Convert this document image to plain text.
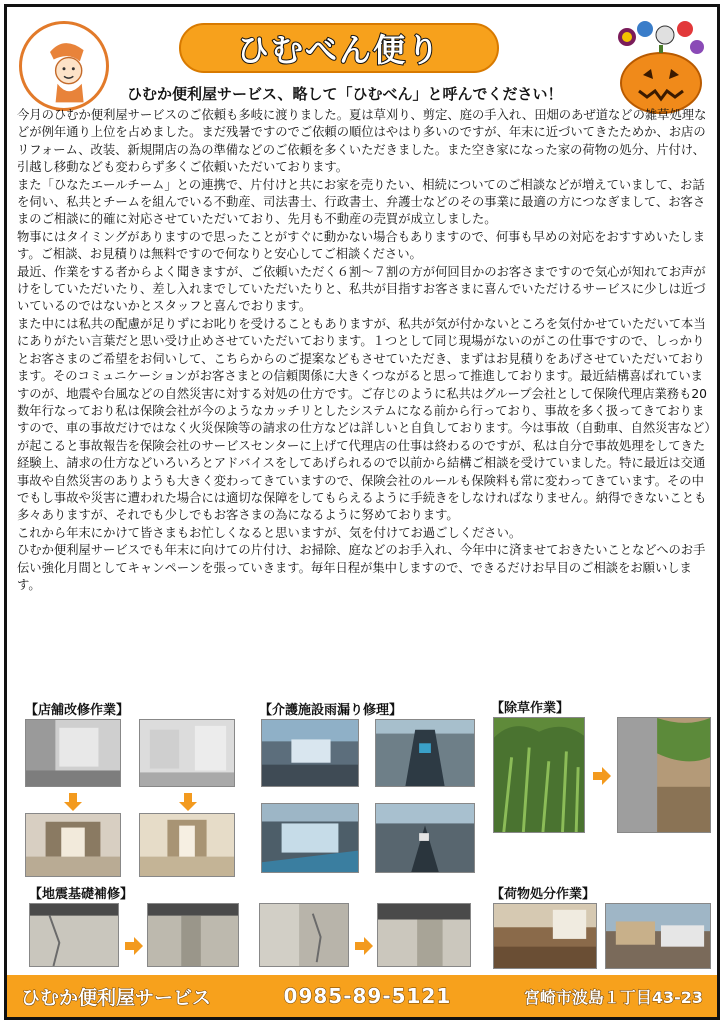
ひむべん便り
ひむか便利屋サービス、略して「ひむべん」と呼んでください！

今月のひむか便利屋サービスのご依頼も多岐に渡りました。夏は草刈り、剪定、庭の手入れ、田畑のあぜ道などの雑草処理などが例年通り上位を占めました。まだ残暑ですのでご依頼の順位はやはり多いのですが、年末に近づいてきたためか、お店のリフォーム、改装、新規開店の為の準備などのご依頼を多くいただきました。また空き家になった家の荷物の処分、片付け、引越し移動なども変わらず多くご依頼いただいております。

また「ひなたエールチーム」との連携で、片付けと共にお家を売りたい、相続についてのご相談などが増えていまして、お話を伺い、私共とチームを組んでいる不動産、司法書士、行政書士、弁護士などのその事業に最適の方につなぎまして、お客さまのご相談に的確に対応させていただいており、先月も不動産の売買が成立しました。

物事にはタイミングがありますので思ったことがすぐに動かない場合もありますので、何事も早めの対応をおすすめいたします。ご相談、お見積りは無料ですので何なりと安心してご相談ください。

最近、作業をする者からよく聞きますが、ご依頼いただく６割～７割の方が何回目かのお客さまですので気心が知れてお声がけをしていただいたり、差し入れまでしていただいたりと、私共が目指すお客さまに喜んでいただけるサービスに少しは近づいているのではないかとスタッフと喜んでおります。

また中には私共の配慮が足りずにお叱りを受けることもありますが、私共が気が付かないところを気付かせていただいて本当にありがたい言葉だと思い受け止めさせていただいております。１つとして同じ現場がないのがこの仕事ですので、しっかりとお客さまのご希望をお伺いして、こちらからのご提案などもさせていただき、まずはお見積りをあげさせていただいております。そのコミュニケーションがお客さまとの信頼関係に大きくつながると思って推進しております。最近結構喜ばれていますのが、地震や台風などの自然災害に対する対処の仕方です。ご存じのように私共はグループ会社として保険代理店業務も20数年行なっており私は保険会社が今のようなカッチリとしたシステムになる前から行っており、事故を多く扱ってきておりますので、車の事故だけではなく火災保険等の請求の仕方などは詳しいと自負しております。今は事故（自動車、自然災害など）が起こると事故報告を保険会社のサービスセンターに上げて代理店の仕事は終わるのですが、私は自分で事故処理をしてきた経験上、請求の仕方などいろいろとアドバイスをしてあげられるので以前から結構ご相談を受けていました。特に最近は交通事故や自然災害のありようも大きく変わってきていますので、保険会社のルールも保険料も常に変わってきています。その中でもし事故や災害に遭われた場合には適切な保障をしてもらえるように手続きをしなければなりません。納得できないことも多々ありますが、それでも少しでもお客さまの為になるように努めております。

これから年末にかけて皆さまもお忙しくなると思いますが、気を付けてお過ごしください。

ひむか便利屋サービスでも年末に向けての片付け、お掃除、庭などのお手入れ、今年中に済ませておきたいことなどへのお手伝い強化月間としてキャンペーンを張っていきます。毎年日程が集中しますので、できるだけお早目のご相談をお願いします。

【店舗改修作業】	【介護施設雨漏り修理】	【除草作業】
【地震基礎補修】	【荷物処分作業】
ひむか便利屋サービス	0985-89-5121	宮崎市波島１丁目43-23
